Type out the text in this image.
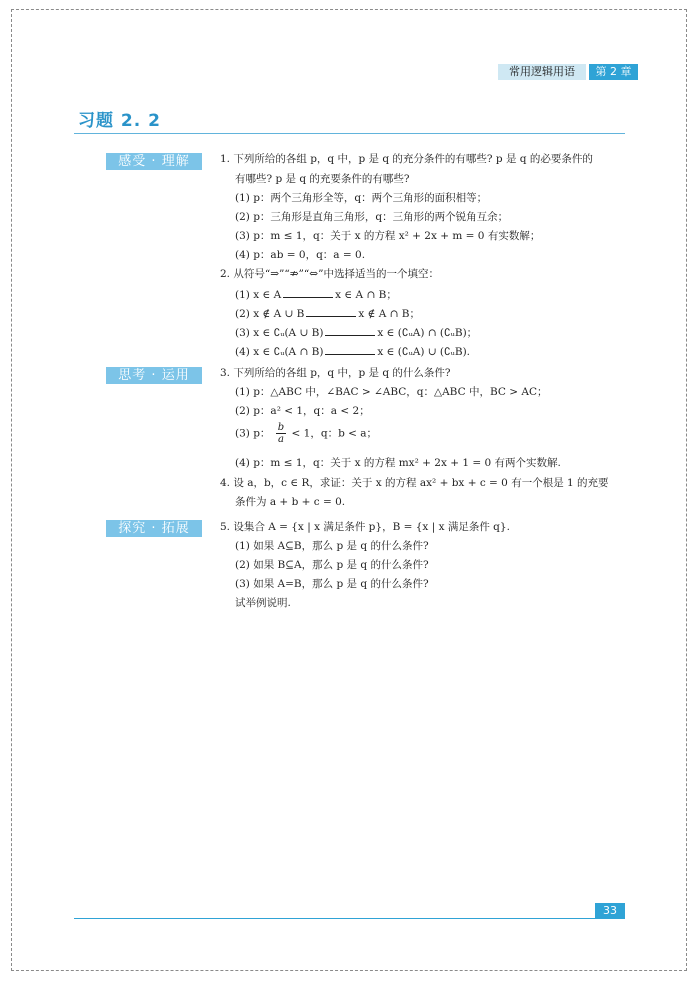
常用逻辑用语	第 2 章
习题 2. 2
感受 · 理解
思考 · 运用
探究 · 拓展
1. 下列所给的各组 p，q 中，p 是 q 的充分条件的有哪些? p 是 q 的必要条件的
有哪些? p 是 q 的充要条件的有哪些?
(1) p：两个三角形全等，q：两个三角形的面积相等；
(2) p：三角形是直角三角形，q：三角形的两个锐角互余；
(3) p：m ≤ 1，q：关于 x 的方程 x² + 2x + m = 0 有实数解；
(4) p：ab = 0，q：a = 0.
2. 从符号“⇒”“⇏”“⇔”中选择适当的一个填空：
(1) x ∈ A	x ∈ A ∩ B；
(2) x ∉ A ∪ B	x ∉ A ∩ B；
(3) x ∈ ∁ᵤ(A ∪ B)	x ∈ (∁ᵤA) ∩ (∁ᵤB)；
(4) x ∈ ∁ᵤ(A ∩ B)	x ∈ (∁ᵤA) ∪ (∁ᵤB).
3. 下列所给的各组 p，q 中，p 是 q 的什么条件?
(1) p：△ABC 中，∠BAC > ∠ABC，q：△ABC 中，BC > AC；
(2) p：a² < 1，q：a < 2；
(3) p： $\frac{b}{a} < 1$，q：b < a；
(4) p：m ≤ 1，q：关于 x 的方程 mx² + 2x + 1 = 0 有两个实数解.
4. 设 a，b，c ∈ R，求证：关于 x 的方程 ax² + bx + c = 0 有一个根是 1 的充要
条件为 a + b + c = 0.
5. 设集合 A = {x | x 满足条件 p}，B = {x | x 满足条件 q}.
(1) 如果 A⊆B，那么 p 是 q 的什么条件?
(2) 如果 B⊆A，那么 p 是 q 的什么条件?
(3) 如果 A=B，那么 p 是 q 的什么条件?
试举例说明.
33
